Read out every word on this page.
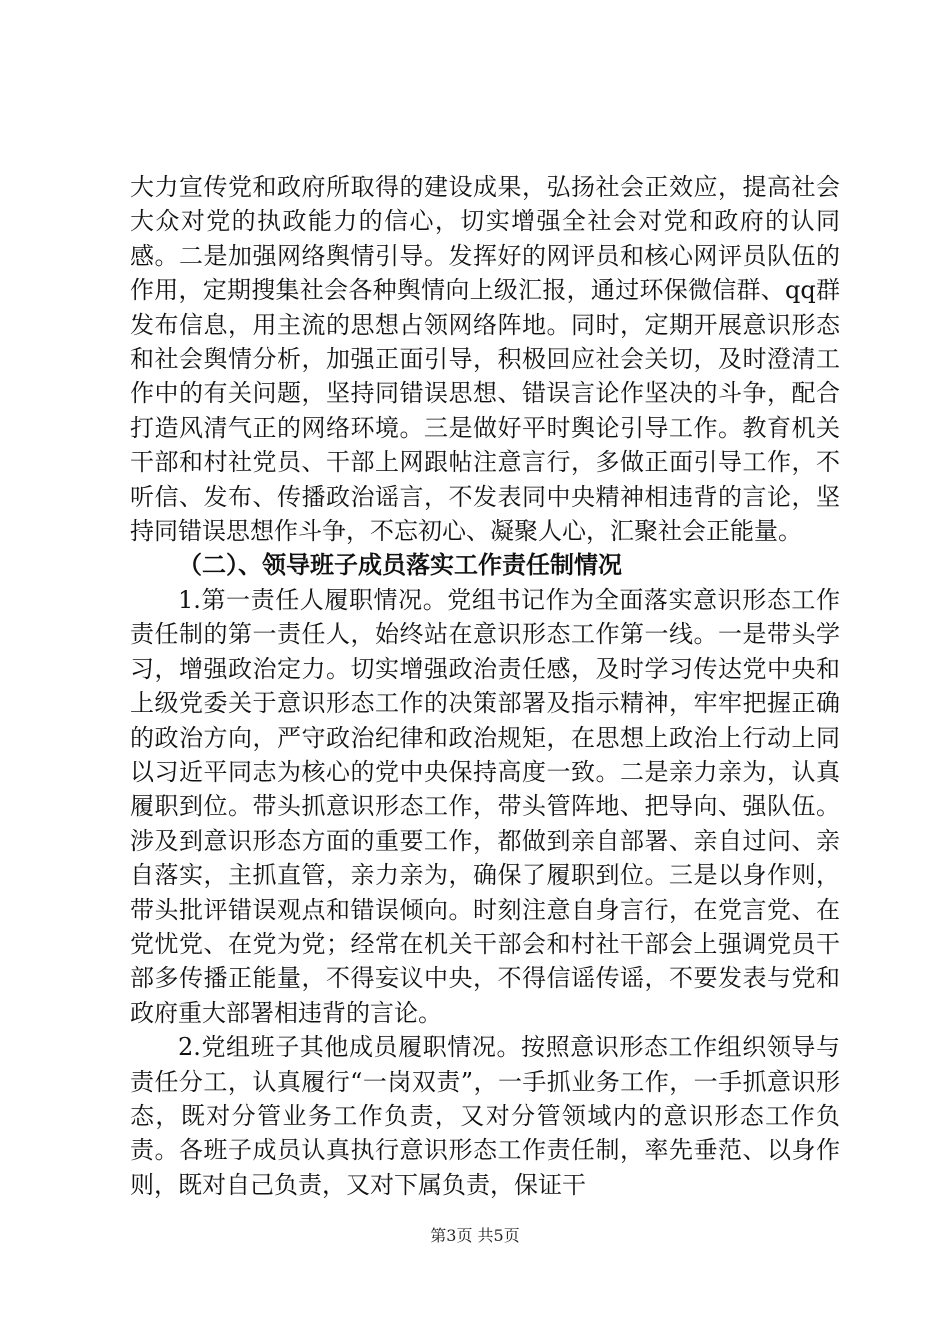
大力宣传党和政府所取得的建设成果，弘扬社会正效应，提高社会大众对党的执政能力的信心，切实增强全社会对党和政府的认同感。二是加强网络舆情引导。发挥好的网评员和核心网评员队伍的作用，定期搜集社会各种舆情向上级汇报，通过环保微信群、qq群发布信息，用主流的思想占领网络阵地。同时，定期开展意识形态和社会舆情分析，加强正面引导，积极回应社会关切，及时澄清工作中的有关问题，坚持同错误思想、错误言论作坚决的斗争，配合打造风清气正的网络环境。三是做好平时舆论引导工作。教育机关干部和村社党员、干部上网跟帖注意言行，多做正面引导工作，不听信、发布、传播政治谣言，不发表同中央精神相违背的言论，坚持同错误思想作斗争，不忘初心、凝聚人心，汇聚社会正能量。

（二）、领导班子成员落实工作责任制情况

1.第一责任人履职情况。党组书记作为全面落实意识形态工作责任制的第一责任人，始终站在意识形态工作第一线。一是带头学习，增强政治定力。切实增强政治责任感，及时学习传达党中央和上级党委关于意识形态工作的决策部署及指示精神，牢牢把握正确的政治方向，严守政治纪律和政治规矩，在思想上政治上行动上同以习近平同志为核心的党中央保持高度一致。二是亲力亲为，认真履职到位。带头抓意识形态工作，带头管阵地、把导向、强队伍。涉及到意识形态方面的重要工作，都做到亲自部署、亲自过问、亲自落实，主抓直管，亲力亲为，确保了履职到位。三是以身作则，带头批评错误观点和错误倾向。时刻注意自身言行，在党言党、在党忧党、在党为党；经常在机关干部会和村社干部会上强调党员干部多传播正能量，不得妄议中央，不得信谣传谣，不要发表与党和政府重大部署相违背的言论。

2.党组班子其他成员履职情况。按照意识形态工作组织领导与责任分工，认真履行“一岗双责”，一手抓业务工作，一手抓意识形态，既对分管业务工作负责，又对分管领域内的意识形态工作负责。各班子成员认真执行意识形态工作责任制，率先垂范、以身作则，既对自己负责，又对下属负责，保证干

第3页 共5页
